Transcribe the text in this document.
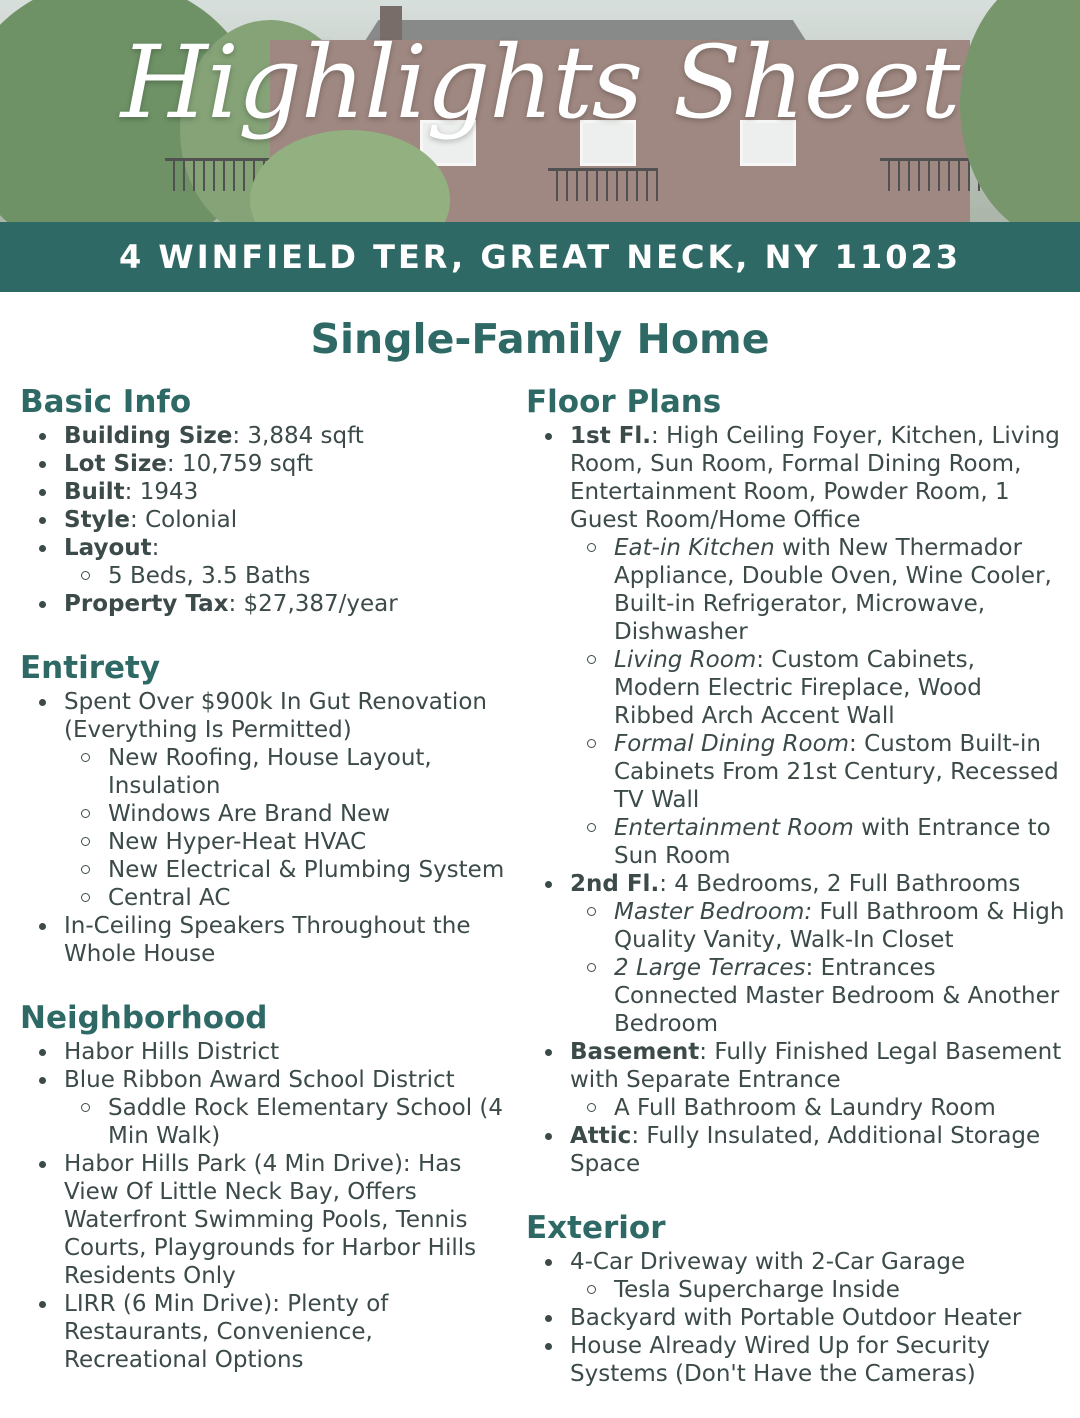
Highlights Sheet
4 WINFIELD TER, GREAT NECK, NY 11023
Single-Family Home
Basic Info
Building Size: 3,884 sqft
Lot Size: 10,759 sqft
Built: 1943
Style: Colonial
Layout:
5 Beds, 3.5 Baths
Property Tax: $27,387/year
Entirety
Spent Over $900k In Gut Renovation (Everything Is Permitted)
New Roofing, House Layout, Insulation
Windows Are Brand New
New Hyper-Heat HVAC
New Electrical & Plumbing System
Central AC
In-Ceiling Speakers Throughout the Whole House
Neighborhood
Habor Hills District
Blue Ribbon Award School District
Saddle Rock Elementary School (4 Min Walk)
Habor Hills Park (4 Min Drive): Has View Of Little Neck Bay, Offers Waterfront Swimming Pools, Tennis Courts, Playgrounds for Harbor Hills Residents Only
LIRR (6 Min Drive): Plenty of Restaurants, Convenience, Recreational Options
Floor Plans
1st Fl.: High Ceiling Foyer, Kitchen, Living Room, Sun Room, Formal Dining Room, Entertainment Room, Powder Room, 1 Guest Room/Home Office
Eat-in Kitchen with New Thermador Appliance, Double Oven, Wine Cooler, Built-in Refrigerator, Microwave, Dishwasher
Living Room: Custom Cabinets, Modern Electric Fireplace, Wood Ribbed Arch Accent Wall
Formal Dining Room: Custom Built-in Cabinets From 21st Century, Recessed TV Wall
Entertainment Room with Entrance to Sun Room
2nd Fl.: 4 Bedrooms, 2 Full Bathrooms
Master Bedroom: Full Bathroom & High Quality Vanity, Walk-In Closet
2 Large Terraces: Entrances Connected Master Bedroom & Another Bedroom
Basement: Fully Finished Legal Basement with Separate Entrance
A Full Bathroom & Laundry Room
Attic: Fully Insulated, Additional Storage Space
Exterior
4-Car Driveway with 2-Car Garage
Tesla Supercharge Inside
Backyard with Portable Outdoor Heater
House Already Wired Up for Security Systems (Don't Have the Cameras)
